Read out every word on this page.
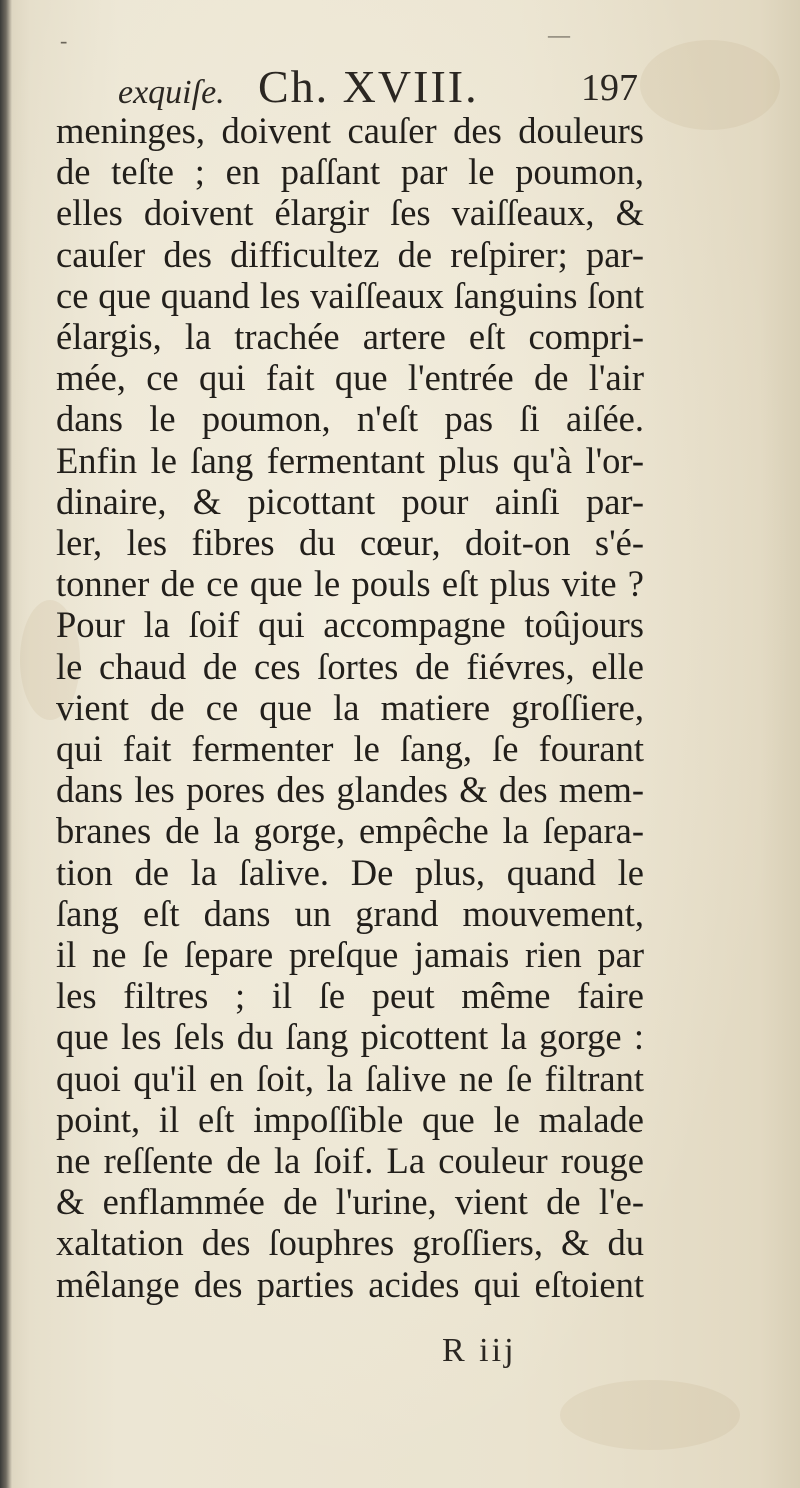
-	—
exquiſe. Ch. XVIII.	197
meninges, doivent cauſer des douleurs
de teſte ; en paſſant par le poumon,
elles doivent élargir ſes vaiſſeaux, &
cauſer des difficultez de reſpirer; par-
ce que quand les vaiſſeaux ſanguins ſont
élargis, la trachée artere eſt compri-
mée, ce qui fait que l'entrée de l'air
dans le poumon, n'eſt pas ſi aiſée.
Enfin le ſang fermentant plus qu'à l'or-
dinaire, & picottant pour ainſi par-
ler, les fibres du cœur, doit-on s'é-
tonner de ce que le pouls eſt plus vite ?
Pour la ſoif qui accompagne toûjours
le chaud de ces ſortes de fiévres, elle
vient de ce que la matiere groſſiere,
qui fait fermenter le ſang, ſe fourant
dans les pores des glandes & des mem-
branes de la gorge, empêche la ſepara-
tion de la ſalive. De plus, quand le
ſang eſt dans un grand mouvement,
il ne ſe ſepare preſque jamais rien par
les filtres ; il ſe peut même faire
que les ſels du ſang picottent la gorge :
quoi qu'il en ſoit, la ſalive ne ſe filtrant
point, il eſt impoſſible que le malade
ne reſſente de la ſoif. La couleur rouge
& enflammée de l'urine, vient de l'e-
xaltation des ſouphres groſſiers, & du
mêlange des parties acides qui eſtoient
R iij
